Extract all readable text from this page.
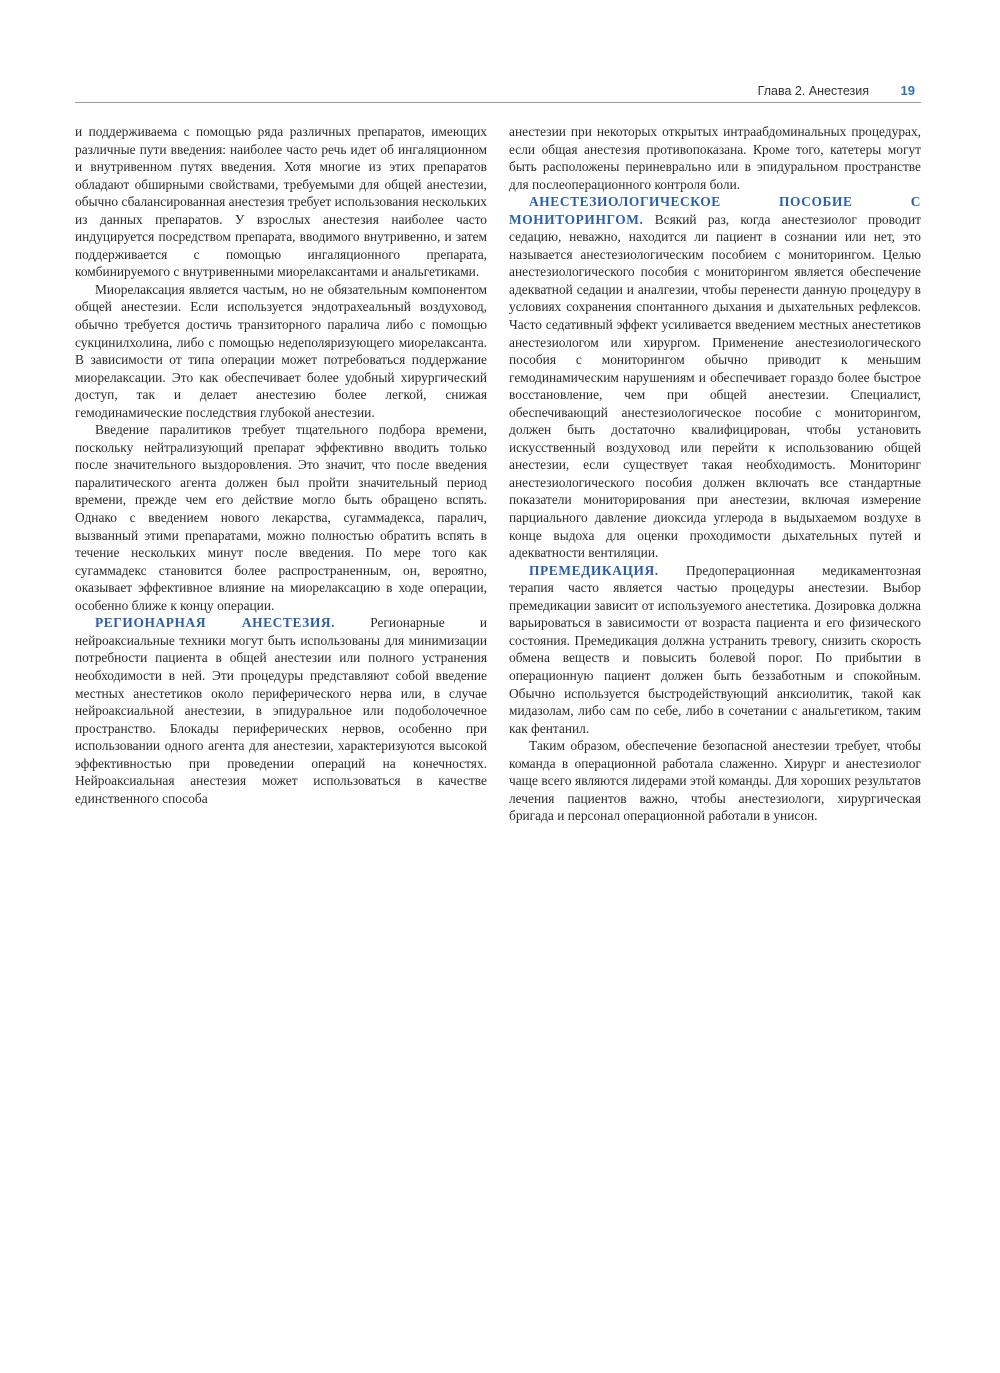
Глава 2. Анестезия 19

и поддерживаема с помощью ряда различных препаратов, имеющих различные пути введения: наиболее часто речь идет об ингаляционном и внутривенном путях введения. Хотя многие из этих препаратов обладают обширными свойствами, требуемыми для общей анестезии, обычно сбалансированная анестезия требует использования нескольких из данных препаратов. У взрослых анестезия наиболее часто индуцируется посредством препарата, вводимого внутривенно, и затем поддерживается с помощью ингаляционного препарата, комбинируемого с внутривенными миорелаксантами и анальгетиками.

Миорелаксация является частым, но не обязательным компонентом общей анестезии. Если используется эндотрахеальный воздуховод, обычно требуется достичь транзиторного паралича либо с помощью сукцинилхолина, либо с помощью недеполяризующего миорелаксанта. В зависимости от типа операции может потребоваться поддержание миорелаксации. Это как обеспечивает более удобный хирургический доступ, так и делает анестезию более легкой, снижая гемодинамические последствия глубокой анестезии.

Введение паралитиков требует тщательного подбора времени, поскольку нейтрализующий препарат эффективно вводить только после значительного выздоровления. Это значит, что после введения паралитического агента должен был пройти значительный период времени, прежде чем его действие могло быть обращено вспять. Однако с введением нового лекарства, сугаммадекса, паралич, вызванный этими препаратами, можно полностью обратить вспять в течение нескольких минут после введения. По мере того как сугаммадекс становится более распространенным, он, вероятно, оказывает эффективное влияние на миорелаксацию в ходе операции, особенно ближе к концу операции.

РЕГИОНАРНАЯ АНЕСТЕЗИЯ. Регионарные и нейроаксиальные техники могут быть использованы для минимизации потребности пациента в общей анестезии или полного устранения необходимости в ней. Эти процедуры представляют собой введение местных анестетиков около периферического нерва или, в случае нейроаксиальной анестезии, в эпидуральное или подоболочечное пространство. Блокады периферических нервов, особенно при использовании одного агента для анестезии, характеризуются высокой эффективностью при проведении операций на конечностях. Нейроаксиальная анестезия может использоваться в качестве единственного способа

анестезии при некоторых открытых интраабдоминальных процедурах, если общая анестезия противопоказана. Кроме того, катетеры могут быть расположены периневрально или в эпидуральном пространстве для послеоперационного контроля боли.

АНЕСТЕЗИОЛОГИЧЕСКОЕ ПОСОБИЕ С МОНИТОРИНГОМ. Всякий раз, когда анестезиолог проводит седацию, неважно, находится ли пациент в сознании или нет, это называется анестезиологическим пособием с мониторингом. Целью анестезиологического пособия с мониторингом является обеспечение адекватной седации и аналгезии, чтобы перенести данную процедуру в условиях сохранения спонтанного дыхания и дыхательных рефлексов. Часто седативный эффект усиливается введением местных анестетиков анестезиологом или хирургом. Применение анестезиологического пособия с мониторингом обычно приводит к меньшим гемодинамическим нарушениям и обеспечивает гораздо более быстрое восстановление, чем при общей анестезии. Специалист, обеспечивающий анестезиологическое пособие с мониторингом, должен быть достаточно квалифицирован, чтобы установить искусственный воздуховод или перейти к использованию общей анестезии, если существует такая необходимость. Мониторинг анестезиологического пособия должен включать все стандартные показатели мониторирования при анестезии, включая измерение парциального давление диоксида углерода в выдыхаемом воздухе в конце выдоха для оценки проходимости дыхательных путей и адекватности вентиляции.

ПРЕМЕДИКАЦИЯ. Предоперационная медикаментозная терапия часто является частью процедуры анестезии. Выбор премедикации зависит от используемого анестетика. Дозировка должна варьироваться в зависимости от возраста пациента и его физического состояния. Премедикация должна устранить тревогу, снизить скорость обмена веществ и повысить болевой порог. По прибытии в операционную пациент должен быть беззаботным и спокойным. Обычно используется быстродействующий анксиолитик, такой как мидазолам, либо сам по себе, либо в сочетании с анальгетиком, таким как фентанил.

Таким образом, обеспечение безопасной анестезии требует, чтобы команда в операционной работала слаженно. Хирург и анестезиолог чаще всего являются лидерами этой команды. Для хороших результатов лечения пациентов важно, чтобы анестезиологи, хирургическая бригада и персонал операционной работали в унисон.
